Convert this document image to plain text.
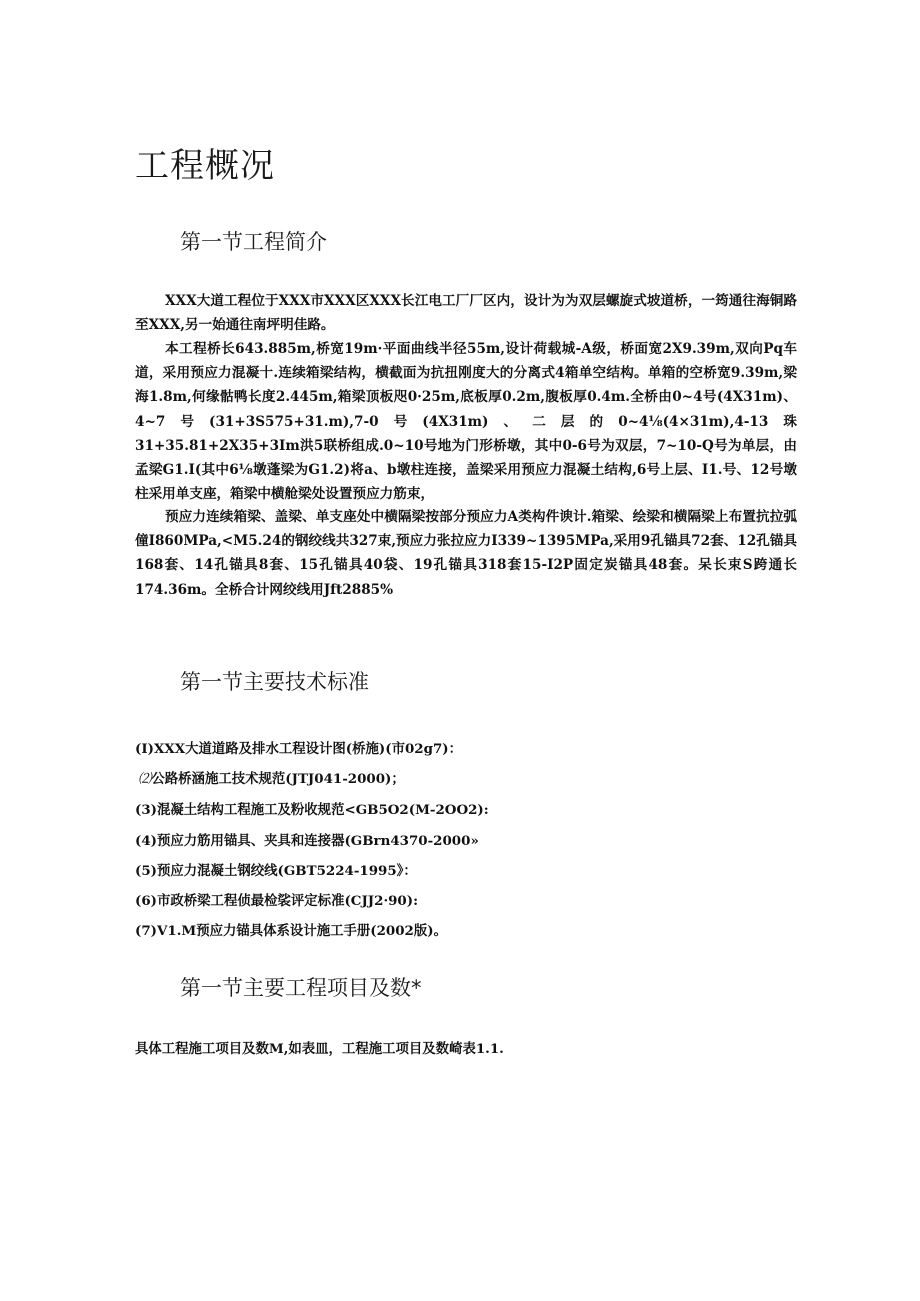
工程概况
第一节工程简介

XXX大道工程位于XXX市XXX区XXX长江电工厂厂区内，设计为为双层螺旋式坡道桥，一筠通往海铜路至XXX,另一始通往南坪明佳路。

本工程桥长643.885m,桥宽19m·平面曲线半径55m,设计荷载城-A级，桥面宽2X9.39m,双向Pq车道，采用预应力混凝十.连续箱梁结构，横截面为抗扭刚度大的分离式4箱单空结构。单箱的空桥宽9.39m,梁海1.8m,何缘骷鸭长度2.445m,箱梁顶板咫0·25m,底板厚0.2m,腹板厚0.4m.全桥由0~4号(4X31m)、4~7号(31+3S575+31.m),7-0号(4X31m)、二层的0~4⅛(4×31m),4-13珠31+35.81+2X35+3Im洪5联桥组成.0~10号地为门形桥墩，其中0-6号为双层，7~10-Q号为单层，由孟梁G1.I(其中6⅛墩蓬梁为G1.2)将a、b墩柱连接，盖梁采用预应力混凝土结构,6号上层、I1.号、12号墩柱采用单支座，箱梁中横舱梁处设置预应力筋束，

预应力连续箱梁、盖梁、单支座处中横隔梁按部分预应力A类构件谀计.箱梁、绘梁和横隔梁上布置抗拉弧僮I860MPa,<M5.24的钢绞线共327束,预应力张拉应力I339~1395MPa,采用9孔锚具72套、12孔锚具168套、14孔锚具8套、15孔锚具40袋、19孔锚具318套15-I2P固定炭锚具48套。呆长束S跨通长174.36m。全桥合计网绞线用Jft2885%

第一节主要技术标准
(I)XXX大道道路及排水工程设计图(桥施)(市02g7)：
⑵公路桥涵施工技术规范(JTJ041-2000)；
(3)混凝土结构工程施工及粉收规范<GB5O2(M-2OO2):
(4)预应力筋用锚具、夹具和连接器(GBrn4370-2000»
(5)预应力混凝土钢绞线(GBT5224-1995》：
(6)市政桥梁工程侦最检裟评定标准(CJJ2·90):
(7)V1.M预应力锚具体系设计施工手册(2002版)。
第一节主要工程项目及数*

具体工程施工项目及数M,如表皿，工程施工项目及数崎表1.1.
